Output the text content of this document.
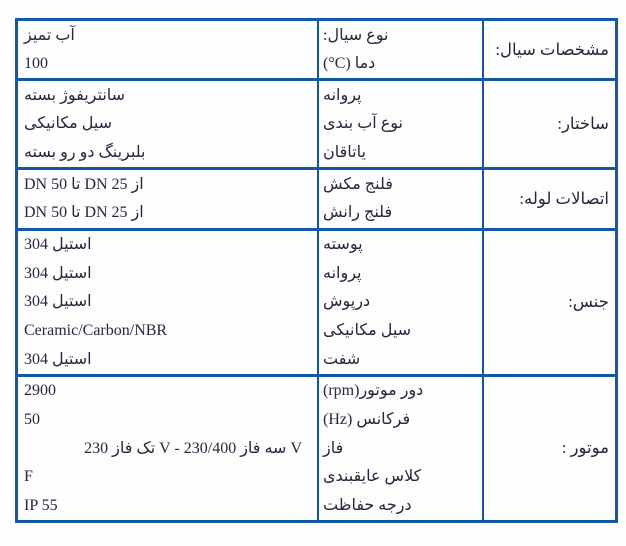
آب تمیز
100
نوع سیال:
دما (C°)
مشخصات سیال:
سانتریفوژ بسته
سیل مکانیکی
بلبرینگ دو رو بسته
پروانه
نوع آب بندی
یاتاقان
ساختار:
از DN 25 تا DN 50
از DN 25 تا DN 50
فلنج مکش
فلنج رانش
اتصالات لوله:
استیل 304
استیل 304
استیل 304
Ceramic/Carbon/NBR
استیل 304
پوسته
پروانه
درپوش
سیل مکانیکی
شفت
جنس:
2900
50
تک فاز 230 V - سه فاز 230/400 V
F
IP 55
دور موتور(rpm)
فرکانس (Hz)
فاز
کلاس عایقبندی
درجه حفاظت
موتور :
